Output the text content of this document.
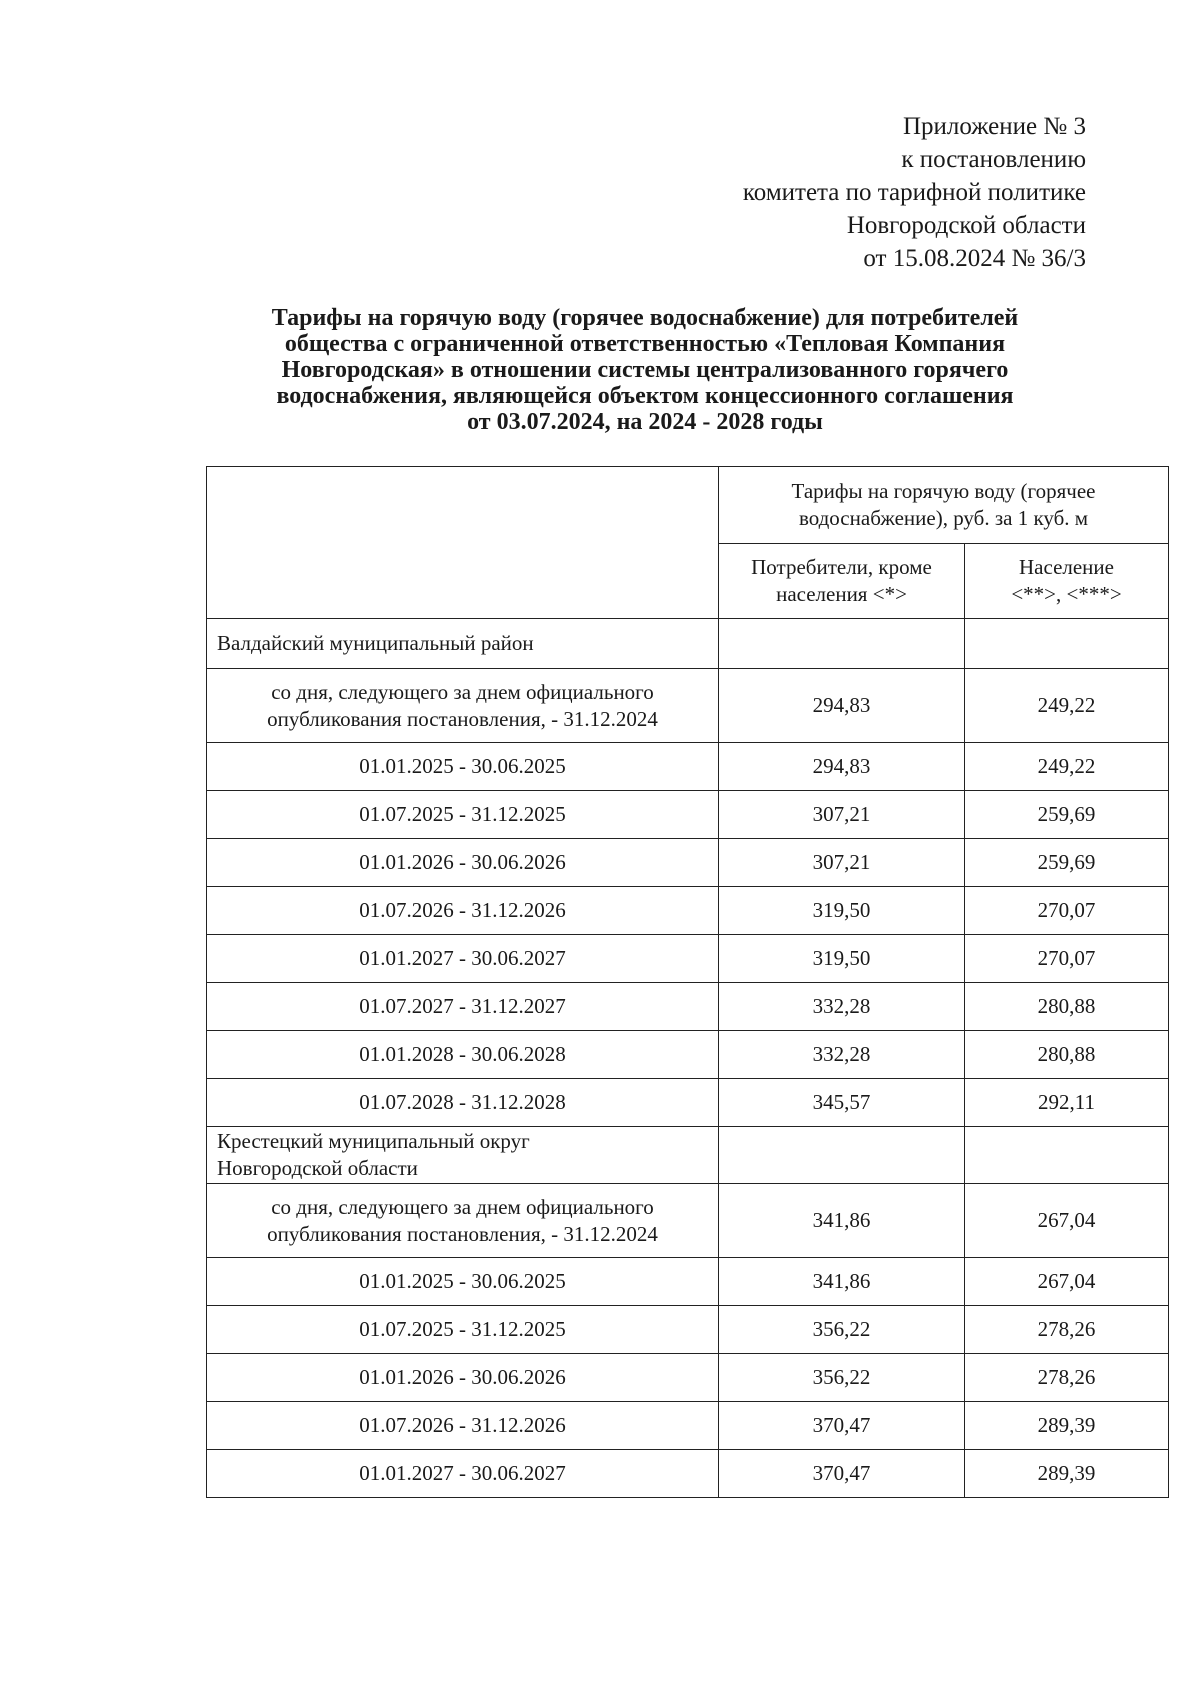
Приложение № 3
к постановлению
комитета по тарифной политике
Новгородской области
от 15.08.2024 № 36/3
Тарифы на горячую воду (горячее водоснабжение) для потребителей
общества с ограниченной ответственностью «Тепловая Компания
Новгородская» в отношении системы централизованного горячего
водоснабжения, являющейся объектом концессионного соглашения
от 03.07.2024, на 2024 - 2028 годы

	Тарифы на горячую воду (горячее
водоснабжение), руб. за 1 куб. м	

	Потребители, кроме
населения <*>	Население
<**>, <***>

Валдайский муниципальный район		

со дня, следующего за днем официального
опубликования постановления, - 31.12.2024	294,83	249,22

01.01.2025 - 30.06.2025	294,83	249,22

01.07.2025 - 31.12.2025	307,21	259,69

01.01.2026 - 30.06.2026	307,21	259,69

01.07.2026 - 31.12.2026	319,50	270,07

01.01.2027 - 30.06.2027	319,50	270,07

01.07.2027 - 31.12.2027	332,28	280,88

01.01.2028 - 30.06.2028	332,28	280,88

01.07.2028 - 31.12.2028	345,57	292,11

Крестецкий муниципальный округ
Новгородской области		

со дня, следующего за днем официального
опубликования постановления, - 31.12.2024	341,86	267,04

01.01.2025 - 30.06.2025	341,86	267,04

01.07.2025 - 31.12.2025	356,22	278,26

01.01.2026 - 30.06.2026	356,22	278,26

01.07.2026 - 31.12.2026	370,47	289,39

01.01.2027 - 30.06.2027	370,47	289,39
